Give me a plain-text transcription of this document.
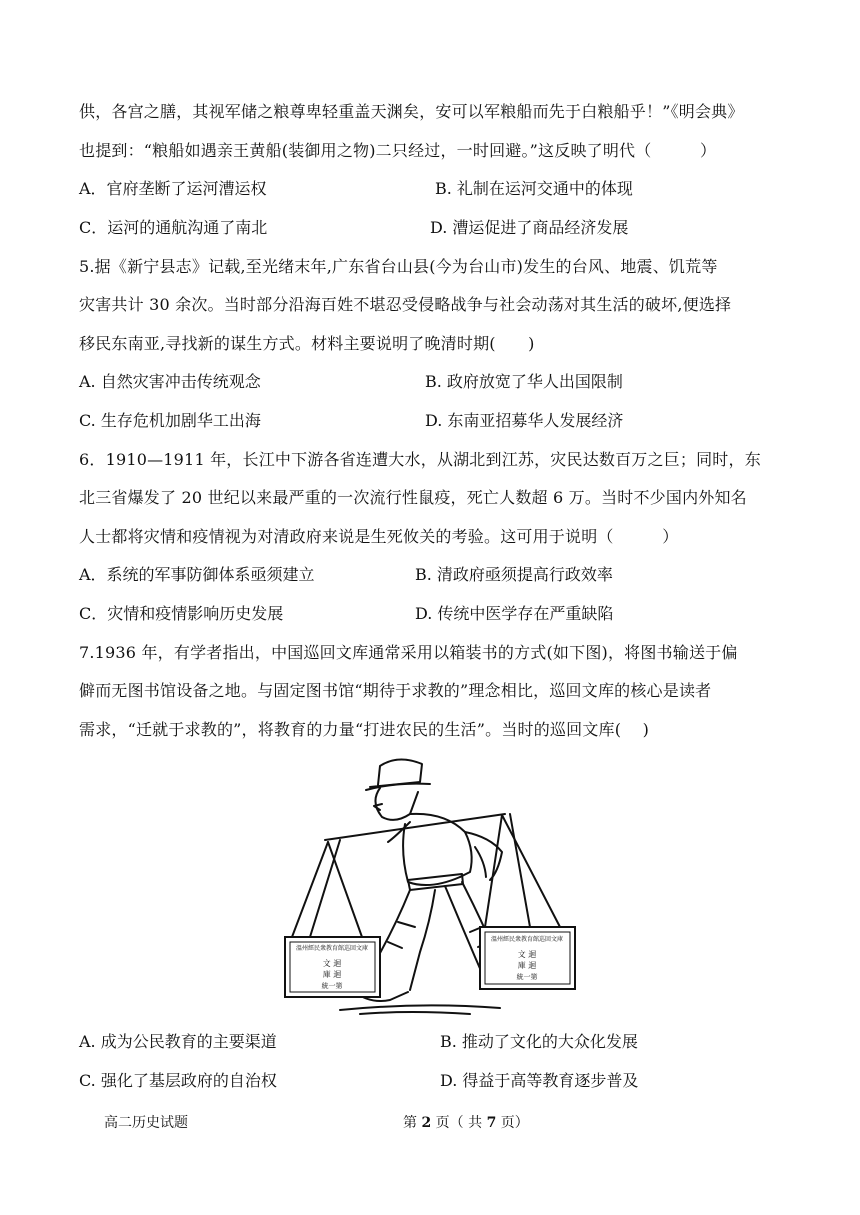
供，各宫之膳，其视军储之粮尊卑轻重盖天渊矣，安可以军粮船而先于白粮船乎！”《明会典》
也提到：“粮船如遇亲王黄船(装御用之物)二只经过，一时回避。”这反映了明代（　　　）
A．官府垄断了运河漕运权	B. 礼制在运河交通中的体现
C．运河的通航沟通了南北	D. 漕运促进了商品经济发展
5.据《新宁县志》记载,至光绪末年,广东省台山县(今为台山市)发生的台风、地震、饥荒等
灾害共计 30 余次。当时部分沿海百姓不堪忍受侵略战争与社会动荡对其生活的破坏,便选择
移民东南亚,寻找新的谋生方式。材料主要说明了晚清时期(　　)
A. 自然灾害冲击传统观念	B. 政府放宽了华人出国限制
C. 生存危机加剧华工出海	D. 东南亚招募华人发展经济
6．1910—1911 年，长江中下游各省连遭大水，从湖北到江苏，灾民达数百万之巨；同时，东
北三省爆发了 20 世纪以来最严重的一次流行性鼠疫，死亡人数超 6 万。当时不少国内外知名
人士都将灾情和疫情视为对清政府来说是生死攸关的考验。这可用于说明（　　　）
A．系统的军事防御体系亟须建立	B. 清政府亟须提高行政效率
C．灾情和疫情影响历史发展	D. 传统中医学存在严重缺陷
7.1936 年，有学者指出，中国巡回文库通常采用以箱装书的方式(如下图)，将图书输送于偏
僻而无图书馆设备之地。与固定图书馆“期待于求教的”理念相比，巡回文库的核心是读者
需求，“迁就于求教的”，将教育的力量“打进农民的生活”。当时的巡回文库(　 )
溫州經民衆教育館巡回文庫
文 迴
庫 迴
統一第
溫州經民衆教育館巡回文庫
文 迴
庫 迴
統一第
A. 成为公民教育的主要渠道	B. 推动了文化的大众化发展
C. 强化了基层政府的自治权	D. 得益于高等教育逐步普及
高二历史试题	第 2 页（ 共 7 页）
